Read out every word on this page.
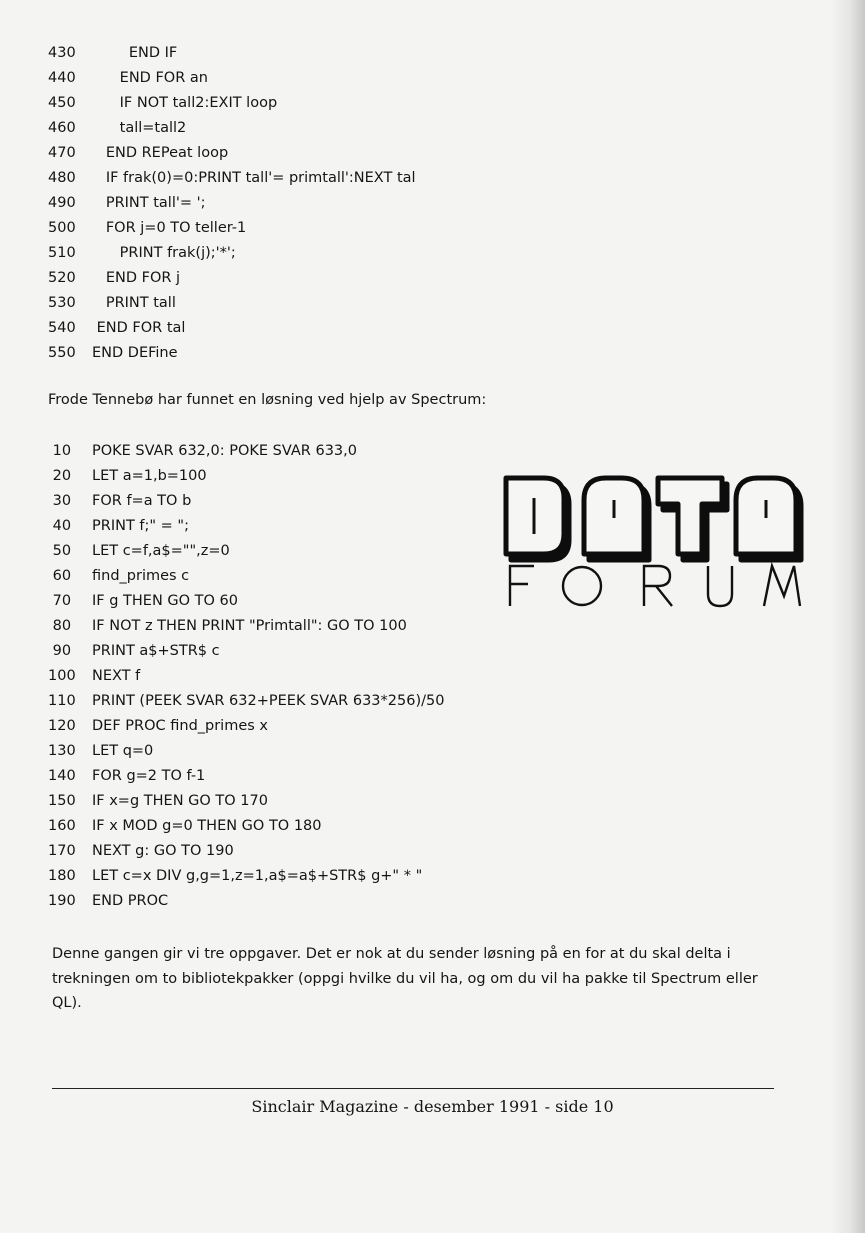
430        END IF
440      END FOR an
450      IF NOT tall2:EXIT loop
460      tall=tall2
470   END REPeat loop
480   IF frak(0)=0:PRINT tall'= primtall':NEXT tal
490   PRINT tall'= ';
500   FOR j=0 TO teller-1
510      PRINT frak(j);'*';
520   END FOR j
530   PRINT tall
540 END FOR tal
550 END DEFine
Frode Tennebø har funnet en løsning ved hjelp av Spectrum:
10 POKE SVAR 632,0: POKE SVAR 633,0
20 LET a=1,b=100
30 FOR f=a TO b
40 PRINT f;" = ";
50 LET c=f,a$="",z=0
60 find_primes c
70 IF g THEN GO TO 60
80 IF NOT z THEN PRINT "Primtall": GO TO 100
90 PRINT a$+STR$ c
100 NEXT f
110 PRINT (PEEK SVAR 632+PEEK SVAR 633*256)/50
120 DEF PROC find_primes x
130 LET q=0
140 FOR g=2 TO f-1
150 IF x=g THEN GO TO 170
160 IF x MOD g=0 THEN GO TO 180
170 NEXT g: GO TO 190
180 LET c=x DIV g,g=1,z=1,a$=a$+STR$ g+" * "
190 END PROC
Denne gangen gir vi tre oppgaver. Det er nok at du sender løsning på en for at du skal delta i trekningen om to bibliotekpakker (oppgi hvilke du vil ha, og om du vil ha pakke til Spectrum eller QL).
Sinclair Magazine - desember 1991 - side 10
